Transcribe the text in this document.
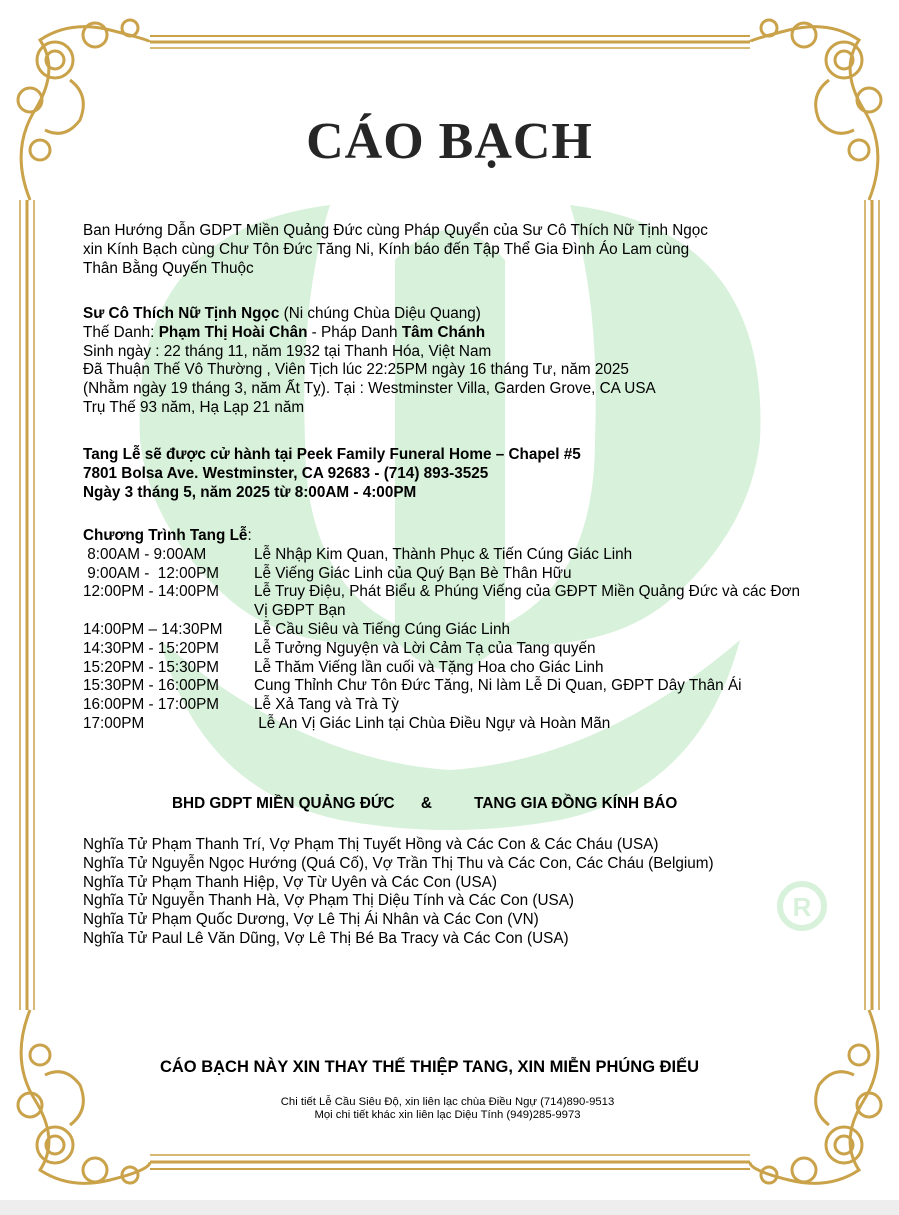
R
CÁO BẠCH
Ban Hướng Dẫn GDPT Miền Quảng Đức cùng Pháp Quyển của Sư Cô Thích Nữ Tịnh Ngọc
xin Kính Bạch cùng Chư Tôn Đức Tăng Ni, Kính báo đến Tập Thể Gia Đình Áo Lam cùng
Thân Bằng Quyến Thuộc
Sư Cô Thích Nữ Tịnh Ngọc (Ni chúng Chùa Diệu Quang)
Thế Danh: Phạm Thị Hoài Chân - Pháp Danh Tâm Chánh
Sinh ngày : 22 tháng 11, năm 1932 tại Thanh Hóa, Việt Nam
Đã Thuận Thế Vô Thường , Viên Tịch lúc 22:25PM ngày 16 tháng Tư, năm 2025
(Nhằm ngày 19 tháng 3, năm Ất Tỵ). Tại : Westminster Villa, Garden Grove, CA USA
Trụ Thế 93 năm, Hạ Lạp 21 năm
Tang Lễ sẽ được cử hành tại Peek Family Funeral Home – Chapel #5
7801 Bolsa Ave. Westminster, CA 92683 - (714) 893-3525
Ngày 3 tháng 5, năm 2025 từ 8:00AM - 4:00PM
Chương Trình Tang Lễ:
8:00AM - 9:00AM	Lễ Nhập Kim Quan, Thành Phục & Tiến Cúng Giác Linh
9:00AM -  12:00PM	Lễ Viếng Giác Linh của Quý Bạn Bè Thân Hữu
12:00PM - 14:00PM	Lễ Truy Điệu, Phát Biểu & Phúng Viếng của GĐPT Miền Quảng Đức và các Đơn Vị GĐPT Bạn
14:00PM – 14:30PM	Lễ Cầu Siêu và Tiếng Cúng Giác Linh
14:30PM - 15:20PM	Lễ Tưởng Nguyện và Lời Cảm Tạ của Tang quyến
15:20PM - 15:30PM	Lễ Thăm Viếng lần cuối và Tặng Hoa cho Giác Linh
15:30PM - 16:00PM	Cung Thỉnh Chư Tôn Đức Tăng, Ni làm Lễ Di Quan, GĐPT Dây Thân Ái
16:00PM - 17:00PM	Lễ Xả Tang và Trà Tỳ
17:00PM	Lễ An Vị Giác Linh tại Chùa Điều Ngự và Hoàn Mãn
BHD GDPT MIỀN QUẢNG ĐỨC &	TANG GIA ĐỒNG KÍNH BÁO
Nghĩa Tử Phạm Thanh Trí, Vợ Phạm Thị Tuyết Hồng và Các Con & Các Cháu (USA)
Nghĩa Tử Nguyễn Ngọc Hướng (Quá Cố), Vợ Trần Thị Thu và Các Con, Các Cháu (Belgium)
Nghĩa Tử Phạm Thanh Hiệp, Vợ Từ Uyên và Các Con (USA)
Nghĩa Tử Nguyễn Thanh Hà, Vợ Phạm Thị Diệu Tính và Các Con (USA)
Nghĩa Tử Phạm Quốc Dương, Vợ Lê Thị Ái Nhân và Các Con (VN)
Nghĩa Tử Paul Lê Văn Dũng, Vợ Lê Thị Bé Ba Tracy và Các Con (USA)
CÁO BẠCH NÀY XIN THAY THẾ THIỆP TANG, XIN MIỄN PHÚNG ĐIẾU
Chi tiết Lễ Cầu Siêu Độ, xin liên lạc chùa Điều Ngự (714)890-9513
Mọi chi tiết khác xin liên lạc Diệu Tính (949)285-9973
